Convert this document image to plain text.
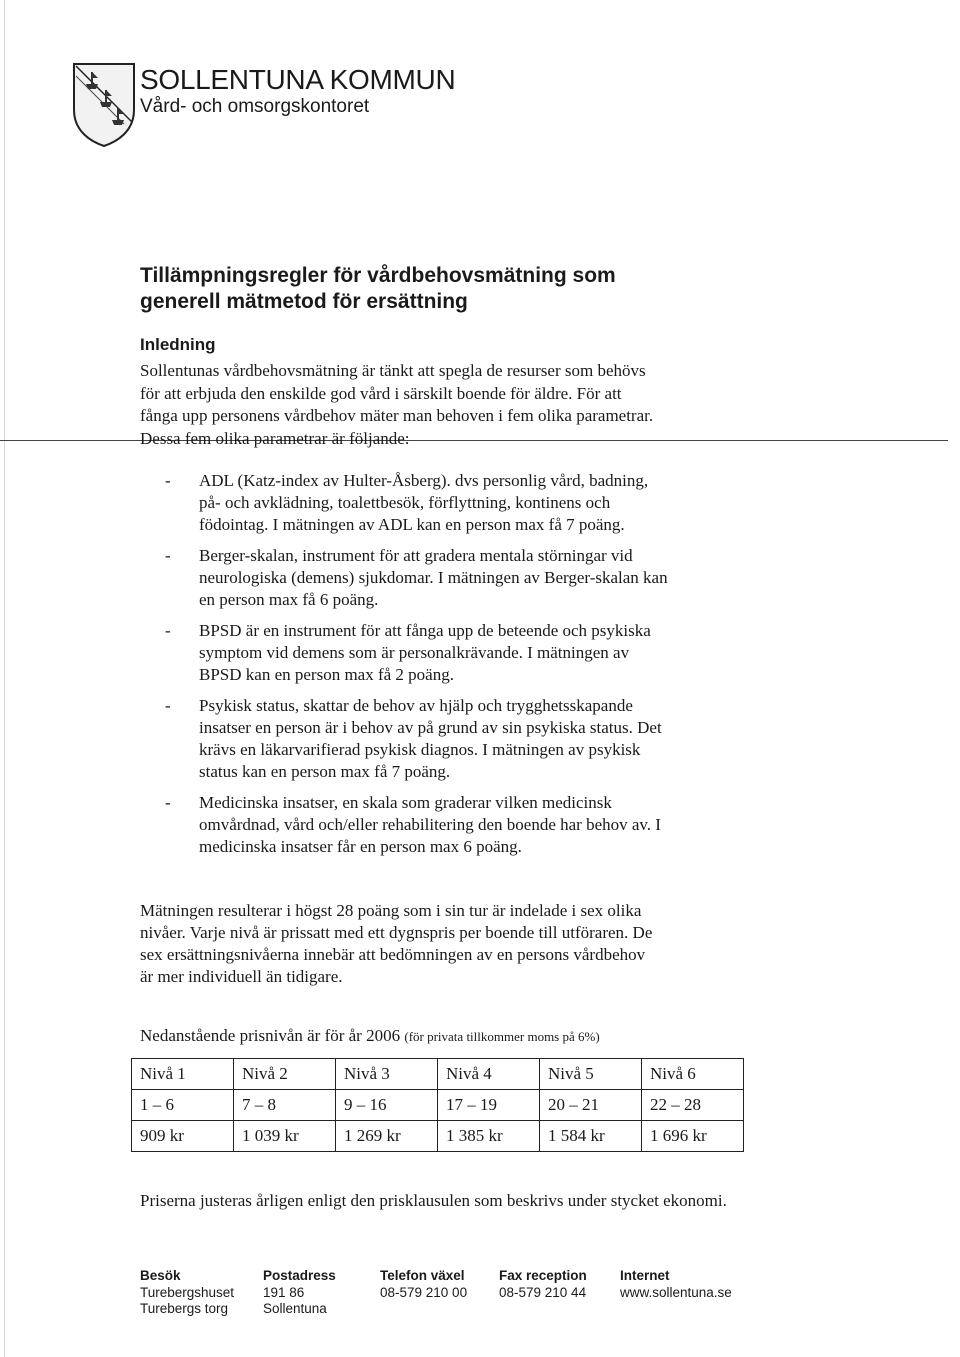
SOLLENTUNA KOMMUN
Vård- och omsorgskontoret
Tillämpningsregler för vårdbehovsmätning som
generell mätmetod för ersättning
Inledning
Sollentunas vårdbehovsmätning är tänkt att spegla de resurser som behövs
för att erbjuda den enskilde god vård i särskilt boende för äldre. För att
fånga upp personens vårdbehov mäter man behoven i fem olika parametrar.
Dessa fem olika parametrar är följande:
- ADL (Katz-index av Hulter-Åsberg). dvs personlig vård, badning,
på- och avklädning, toalettbesök, förflyttning, kontinens och
födointag. I mätningen av ADL kan en person max få 7 poäng.
- Berger-skalan, instrument för att gradera mentala störningar vid
neurologiska (demens) sjukdomar. I mätningen av Berger-skalan kan
en person max få 6 poäng.
- BPSD är en instrument för att fånga upp de beteende och psykiska
symptom vid demens som är personalkrävande. I mätningen av
BPSD kan en person max få 2 poäng.
- Psykisk status, skattar de behov av hjälp och trygghetsskapande
insatser en person är i behov av på grund av sin psykiska status. Det
krävs en läkarvarifierad psykisk diagnos. I mätningen av psykisk
status kan en person max få 7 poäng.
- Medicinska insatser, en skala som graderar vilken medicinsk
omvårdnad, vård och/eller rehabilitering den boende har behov av. I
medicinska insatser får en person max 6 poäng.
Mätningen resulterar i högst 28 poäng som i sin tur är indelade i sex olika
nivåer. Varje nivå är prissatt med ett dygnspris per boende till utföraren. De
sex ersättningsnivåerna innebär att bedömningen av en persons vårdbehov
är mer individuell än tidigare.
Nedanstående prisnivån är för år 2006 (för privata tillkommer moms på 6%)
Nivå 1	Nivå 2	Nivå 3	Nivå 4	Nivå 5	Nivå 6
1 – 6	7 – 8	9 – 16	17 – 19	20 – 21	22 – 28
909 kr	1 039 kr	1 269 kr	1 385 kr	1 584 kr	1 696 kr
Priserna justeras årligen enligt den prisklausulen som beskrivs under stycket ekonomi.
Besök
Turebergshuset
Turebergs torg
Postadress
191 86
Sollentuna
Telefon växel
08-579 210 00
Fax reception
08-579 210 44
Internet
www.sollentuna.se
